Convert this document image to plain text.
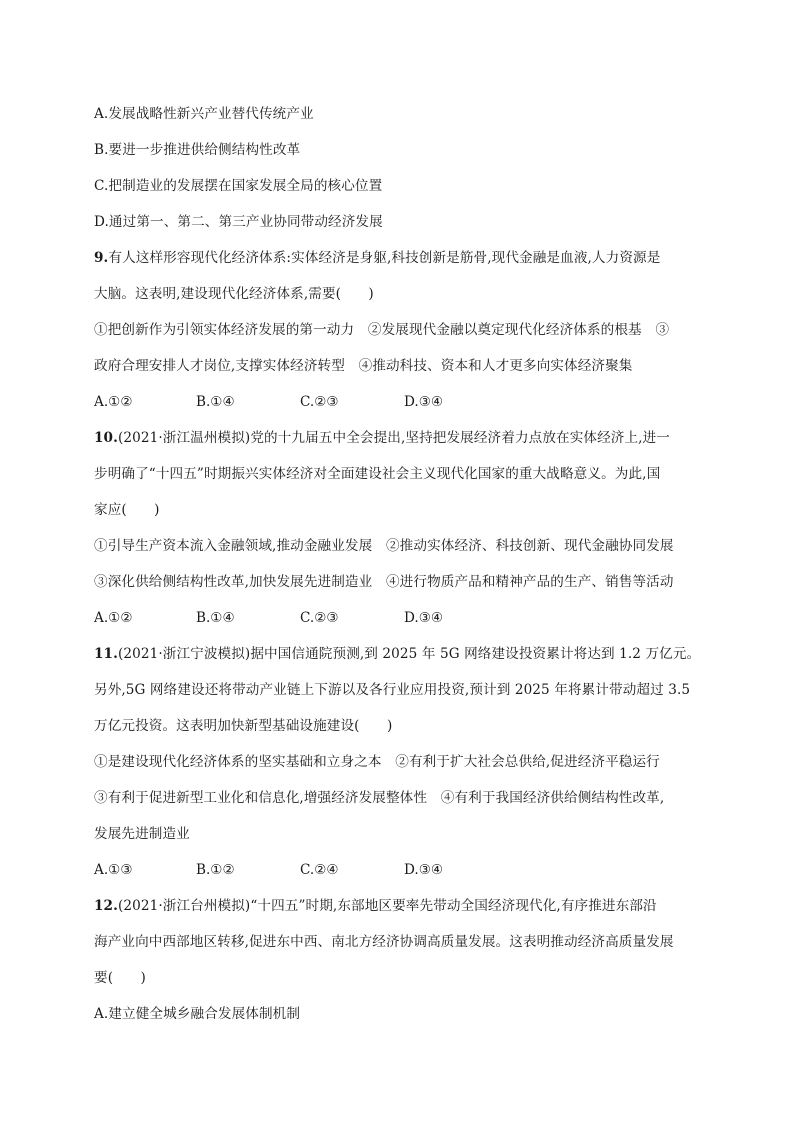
A.发展战略性新兴产业替代传统产业
B.要进一步推进供给侧结构性改革
C.把制造业的发展摆在国家发展全局的核心位置
D.通过第一、第二、第三产业协同带动经济发展
9.有人这样形容现代化经济体系:实体经济是身躯,科技创新是筋骨,现代金融是血液,人力资源是
大脑。这表明,建设现代化经济体系,需要(　　)
①把创新作为引领实体经济发展的第一动力　②发展现代金融以奠定现代化经济体系的根基　③
政府合理安排人才岗位,支撑实体经济转型　④推动科技、资本和人才更多向实体经济聚集
A.①②	B.①④	C.②③	D.③④
10.(2021·浙江温州模拟)党的十九届五中全会提出,坚持把发展经济着力点放在实体经济上,进一
步明确了“十四五”时期振兴实体经济对全面建设社会主义现代化国家的重大战略意义。为此,国
家应(　　)
①引导生产资本流入金融领域,推动金融业发展　②推动实体经济、科技创新、现代金融协同发展
③深化供给侧结构性改革,加快发展先进制造业　④进行物质产品和精神产品的生产、销售等活动
A.①②	B.①④	C.②③	D.③④
11.(2021·浙江宁波模拟)据中国信通院预测,到 2025 年 5G 网络建设投资累计将达到 1.2 万亿元。
另外,5G 网络建设还将带动产业链上下游以及各行业应用投资,预计到 2025 年将累计带动超过 3.5
万亿元投资。这表明加快新型基础设施建设(　　)
①是建设现代化经济体系的坚实基础和立身之本　②有利于扩大社会总供给,促进经济平稳运行
③有利于促进新型工业化和信息化,增强经济发展整体性　④有利于我国经济供给侧结构性改革,
发展先进制造业
A.①③	B.①②	C.②④	D.③④
12.(2021·浙江台州模拟)“十四五”时期,东部地区要率先带动全国经济现代化,有序推进东部沿
海产业向中西部地区转移,促进东中西、南北方经济协调高质量发展。这表明推动经济高质量发展
要(　　)
A.建立健全城乡融合发展体制机制
